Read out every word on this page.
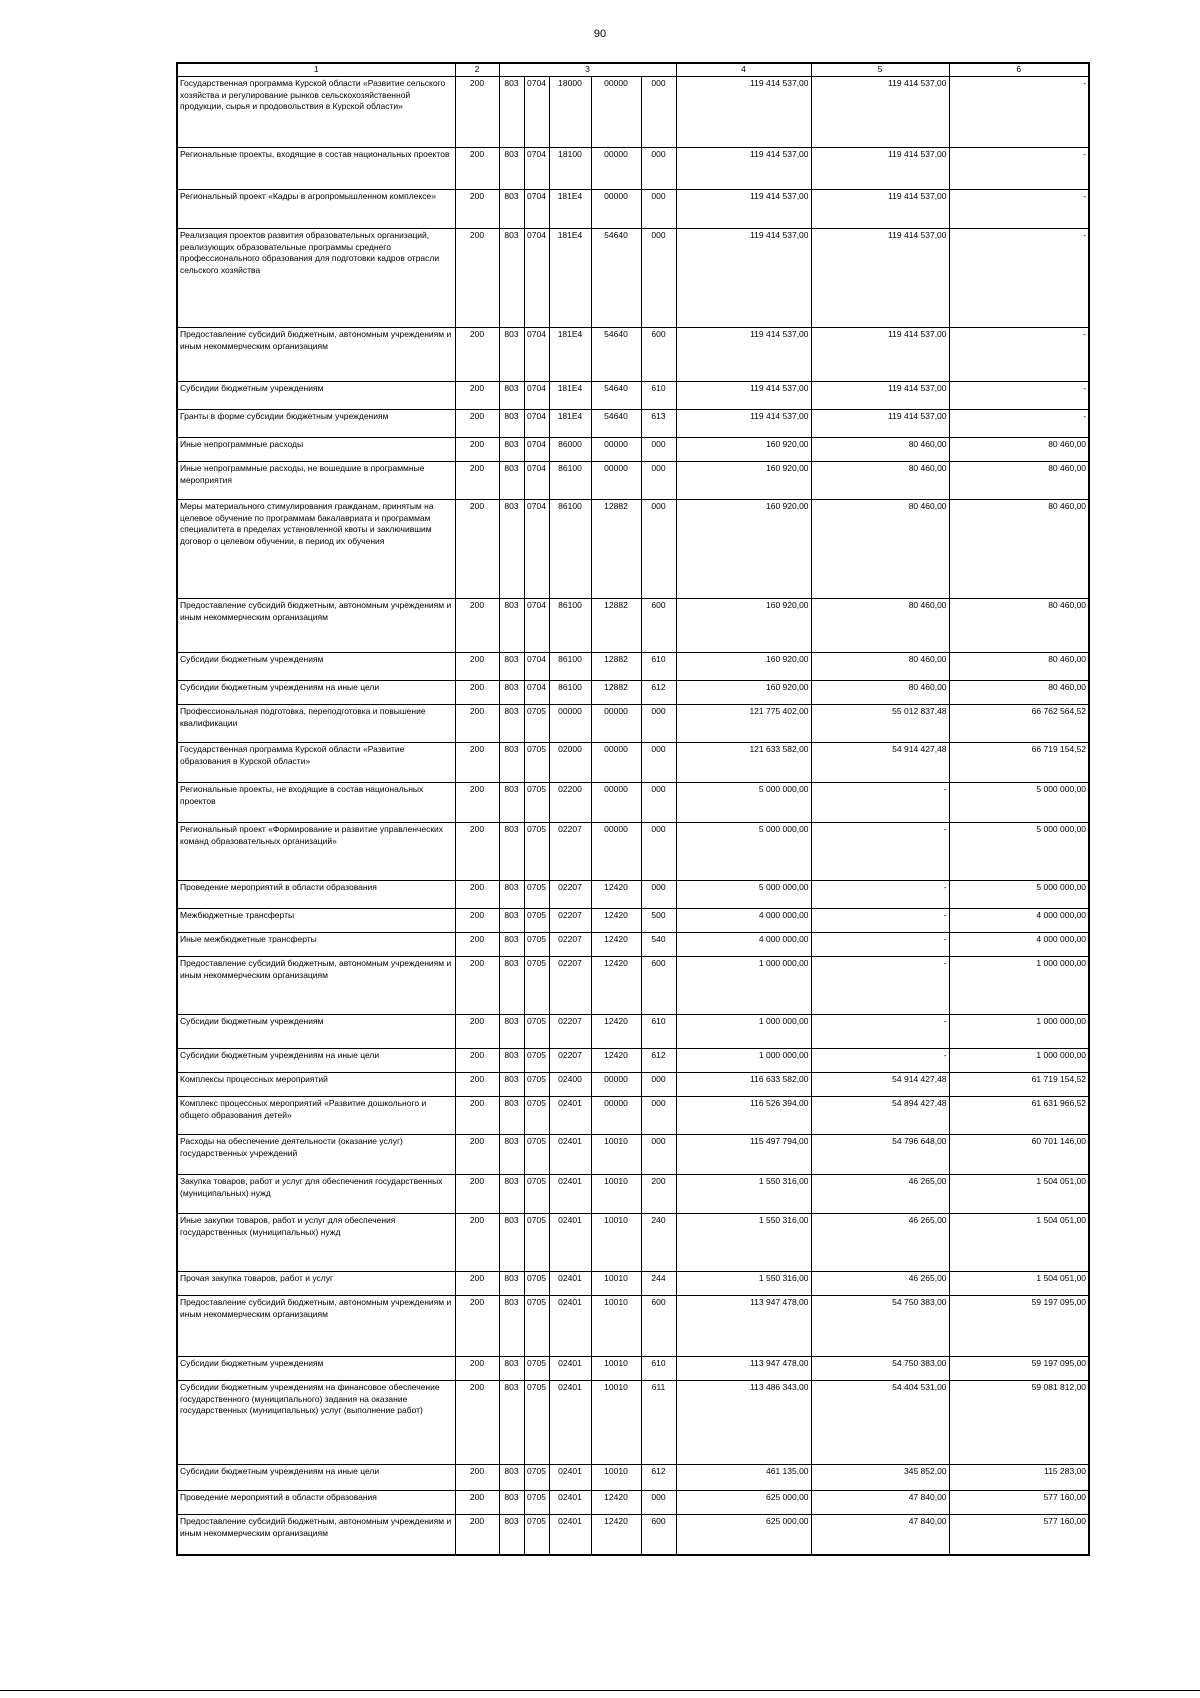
90
1	2	3					4	5	6
Государственная программа Курской области «Развитие сельского хозяйства и регулирование рынков сельскохозяйственной продукции, сырья и продовольствия в Курской области»	200	803	0704	18000	00000	000	119 414 537,00	119 414 537,00	-
Региональные проекты, входящие в состав национальных проектов	200	803	0704	18100	00000	000	119 414 537,00	119 414 537,00	-
Региональный проект «Кадры в агропромышленном комплексе»	200	803	0704	181E4	00000	000	119 414 537,00	119 414 537,00	-
Реализация проектов развития образовательных организаций, реализующих образовательные программы среднего профессионального образования для подготовки кадров отрасли сельского хозяйства	200	803	0704	181E4	54640	000	119 414 537,00	119 414 537,00	-
Предоставление субсидий бюджетным, автономным учреждениям и иным некоммерческим организациям	200	803	0704	181E4	54640	600	119 414 537,00	119 414 537,00	-
Субсидии бюджетным учреждениям	200	803	0704	181E4	54640	610	119 414 537,00	119 414 537,00	-
Гранты в форме субсидии бюджетным учреждениям	200	803	0704	181E4	54640	613	119 414 537,00	119 414 537,00	-
Иные непрограммные расходы	200	803	0704	86000	00000	000	160 920,00	80 460,00	80 460,00
Иные непрограммные расходы, не вошедшие в программные мероприятия	200	803	0704	86100	00000	000	160 920,00	80 460,00	80 460,00
Меры материального стимулирования гражданам, принятым на целевое обучение по программам бакалавриата и программам специалитета в пределах установленной квоты и заключившим договор о целевом обучении, в период их обучения	200	803	0704	86100	12882	000	160 920,00	80 460,00	80 460,00
Предоставление субсидий бюджетным, автономным учреждениям и иным некоммерческим организациям	200	803	0704	86100	12882	600	160 920,00	80 460,00	80 460,00
Субсидии бюджетным учреждениям	200	803	0704	86100	12882	610	160 920,00	80 460,00	80 460,00
Субсидии бюджетным учреждениям на иные цели	200	803	0704	86100	12882	612	160 920,00	80 460,00	80 460,00
Профессиональная подготовка, переподготовка и повышение квалификации	200	803	0705	00000	00000	000	121 775 402,00	55 012 837,48	66 762 564,52
Государственная программа Курской области «Развитие образования в Курской области»	200	803	0705	02000	00000	000	121 633 582,00	54 914 427,48	66 719 154,52
Региональные проекты, не входящие в состав национальных проектов	200	803	0705	02200	00000	000	5 000 000,00	-	5 000 000,00
Региональный проект «Формирование и развитие управленческих команд образовательных организаций»	200	803	0705	02207	00000	000	5 000 000,00	-	5 000 000,00
Проведение мероприятий в области образования	200	803	0705	02207	12420	000	5 000 000,00	-	5 000 000,00
Межбюджетные трансферты	200	803	0705	02207	12420	500	4 000 000,00	-	4 000 000,00
Иные межбюджетные трансферты	200	803	0705	02207	12420	540	4 000 000,00	-	4 000 000,00
Предоставление субсидий бюджетным, автономным учреждениям и иным некоммерческим организациям	200	803	0705	02207	12420	600	1 000 000,00	-	1 000 000,00
Субсидии бюджетным учреждениям	200	803	0705	02207	12420	610	1 000 000,00	-	1 000 000,00
Субсидии бюджетным учреждениям на иные цели	200	803	0705	02207	12420	612	1 000 000,00	-	1 000 000,00
Комплексы процессных мероприятий	200	803	0705	02400	00000	000	116 633 582,00	54 914 427,48	61 719 154,52
Комплекс процессных мероприятий «Развитие дошкольного и общего образования детей»	200	803	0705	02401	00000	000	116 526 394,00	54 894 427,48	61 631 966,52
Расходы на обеспечение деятельности (оказание услуг) государственных учреждений	200	803	0705	02401	10010	000	115 497 794,00	54 796 648,00	60 701 146,00
Закупка товаров, работ и услуг для обеспечения государственных (муниципальных) нужд	200	803	0705	02401	10010	200	1 550 316,00	46 265,00	1 504 051,00
Иные закупки товаров, работ и услуг для обеспечения государственных (муниципальных) нужд	200	803	0705	02401	10010	240	1 550 316,00	46 265,00	1 504 051,00
Прочая закупка товаров, работ и услуг	200	803	0705	02401	10010	244	1 550 316,00	46 265,00	1 504 051,00
Предоставление субсидий бюджетным, автономным учреждениям и иным некоммерческим организациям	200	803	0705	02401	10010	600	113 947 478,00	54 750 383,00	59 197 095,00
Субсидии бюджетным учреждениям	200	803	0705	02401	10010	610	113 947 478,00	54 750 383,00	59 197 095,00
Субсидии бюджетным учреждениям на финансовое обеспечение государственного (муниципального) задания на оказание государственных (муниципальных) услуг (выполнение работ)	200	803	0705	02401	10010	611	113 486 343,00	54 404 531,00	59 081 812,00
Субсидии бюджетным учреждениям на иные цели	200	803	0705	02401	10010	612	461 135,00	345 852,00	115 283,00
Проведение мероприятий в области образования	200	803	0705	02401	12420	000	625 000,00	47 840,00	577 160,00
Предоставление субсидий бюджетным, автономным учреждениям и иным некоммерческим организациям	200	803	0705	02401	12420	600	625 000,00	47 840,00	577 160,00
